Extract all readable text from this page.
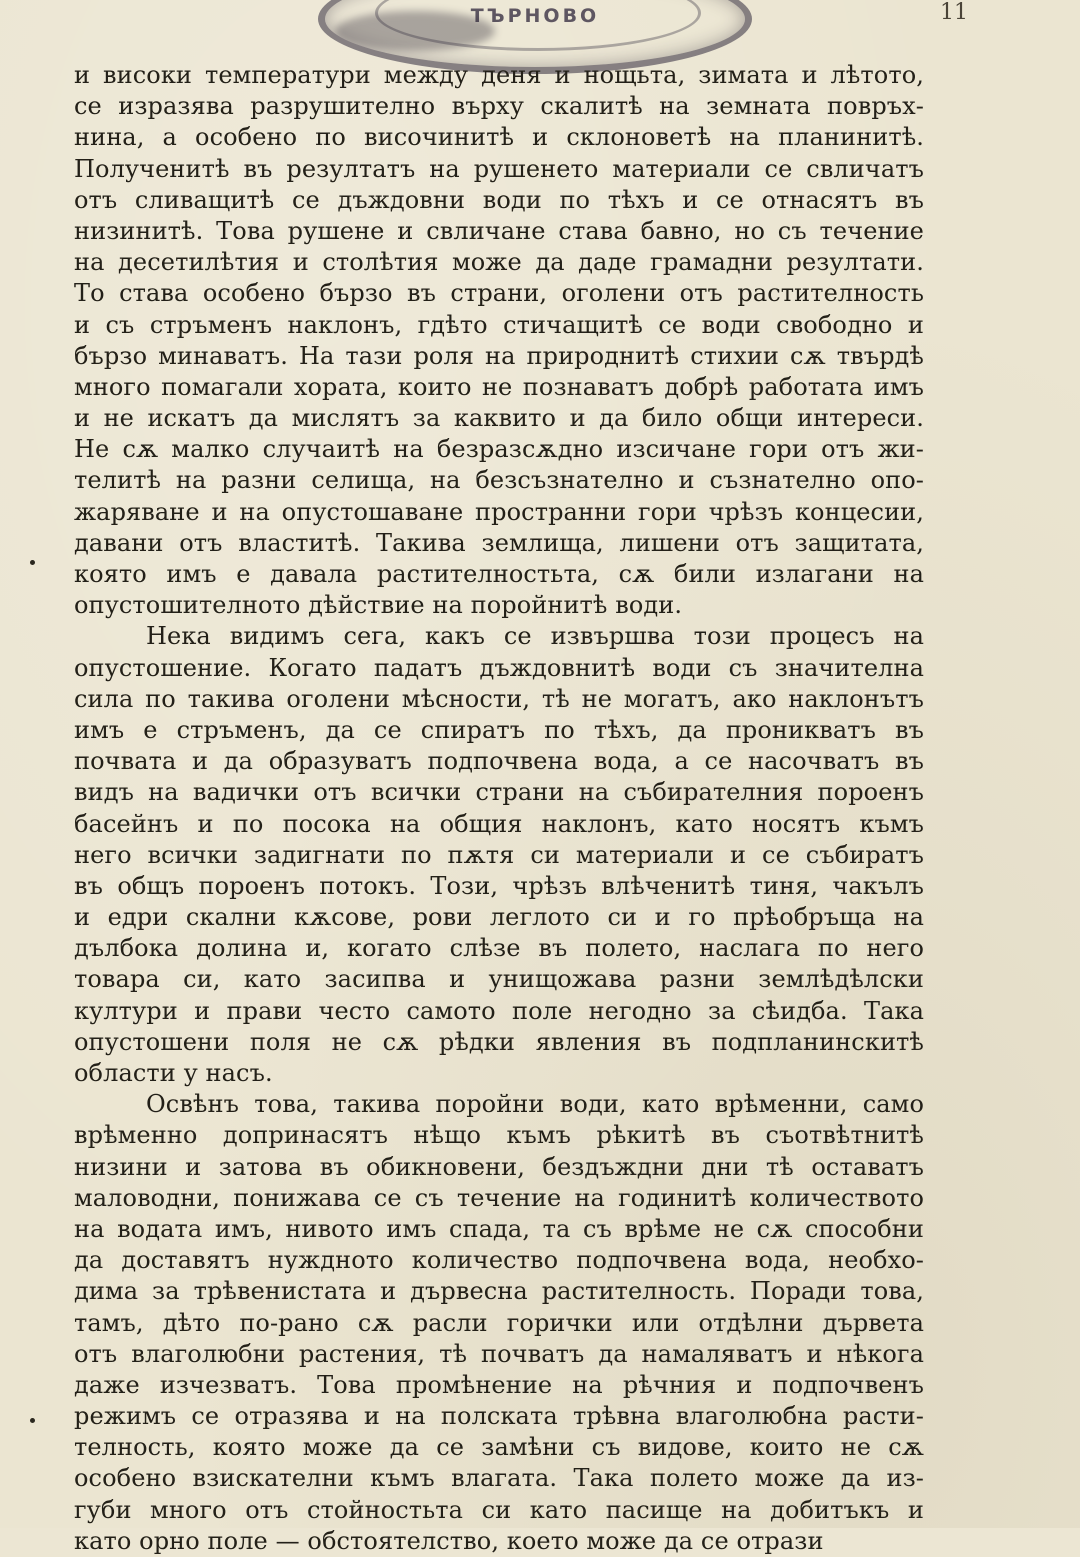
ТЪРНОВО	11
и високи температури между деня и нощьта, зимата и лѣтото,
се изразява разрушително върху скалитѣ на земната повръх-
нина, а особено по височинитѣ и склоноветѣ на планинитѣ.
Полученитѣ въ резултатъ на рушенето материали се свличатъ
отъ сливащитѣ се дъждовни води по тѣхъ и се отнасятъ въ
низинитѣ. Това рушене и свличане става бавно, но съ течение
на десетилѣтия и столѣтия може да даде грамадни резултати.
То става особено бързо въ страни, оголени отъ растителность
и съ стръменъ наклонъ, гдѣто стичащитѣ се води свободно и
бързо минаватъ. На тази роля на природнитѣ стихии сѫ твърдѣ
много помагали хората, които не познаватъ добрѣ работата имъ
и не искатъ да мислятъ за каквито и да било общи интереси.
Не сѫ малко случаитѣ на безразсѫдно изсичане гори отъ жи-
телитѣ на разни селища, на безсъзнателно и съзнателно опо-
жаряване и на опустошаване пространни гори чрѣзъ концесии,
давани отъ властитѣ. Такива землища, лишени отъ защитата,
която имъ е давала растителностьта, сѫ били излагани на
опустошителното дѣйствие на поройнитѣ води.
Нека видимъ сега, какъ се извършва този процесъ на
опустошение. Когато падатъ дъждовнитѣ води съ значителна
сила по такива оголени мѣсности, тѣ не могатъ, ако наклонътъ
имъ е стръменъ, да се спиратъ по тѣхъ, да проникватъ въ
почвата и да образуватъ подпочвена вода, а се насочватъ въ
видъ на вадички отъ всички страни на събирателния пороенъ
басейнъ и по посока на общия наклонъ, като носятъ къмъ
него всички задигнати по пѫтя си материали и се събиратъ
въ общъ пороенъ потокъ. Този, чрѣзъ влѣченитѣ тиня, чакълъ
и едри скални кѫсове, рови леглото си и го прѣобръща на
дълбока долина и, когато слѣзе въ полето, наслага по него
товара си, като засипва и унищожава разни землѣдѣлски
култури и прави често самото поле негодно за сѣидба. Така
опустошени поля не сѫ рѣдки явления въ подпланинскитѣ
области у насъ.
Освѣнъ това, такива поройни води, като врѣменни, само
врѣменно допринасятъ нѣщо къмъ рѣкитѣ въ съотвѣтнитѣ
низини и затова въ обикновени, бездъждни дни тѣ оставатъ
маловодни, понижава се съ течение на годинитѣ количеството
на водата имъ, нивото имъ спада, та съ врѣме не сѫ способни
да доставятъ нуждното количество подпочвена вода, необхо-
дима за трѣвенистата и дървесна растителность. Поради това,
тамъ, дѣто по-рано сѫ расли горички или отдѣлни дървета
отъ влаголюбни растения, тѣ почватъ да намаляватъ и нѣкога
даже изчезватъ. Това промѣнение на рѣчния и подпочвенъ
режимъ се отразява и на полската трѣвна влаголюбна расти-
телность, която може да се замѣни съ видове, които не сѫ
особено взискателни къмъ влагата. Така полето може да из-
губи много отъ стойностьта си като пасище на добитъкъ и
като орно поле — обстоятелство, което може да се отрази
